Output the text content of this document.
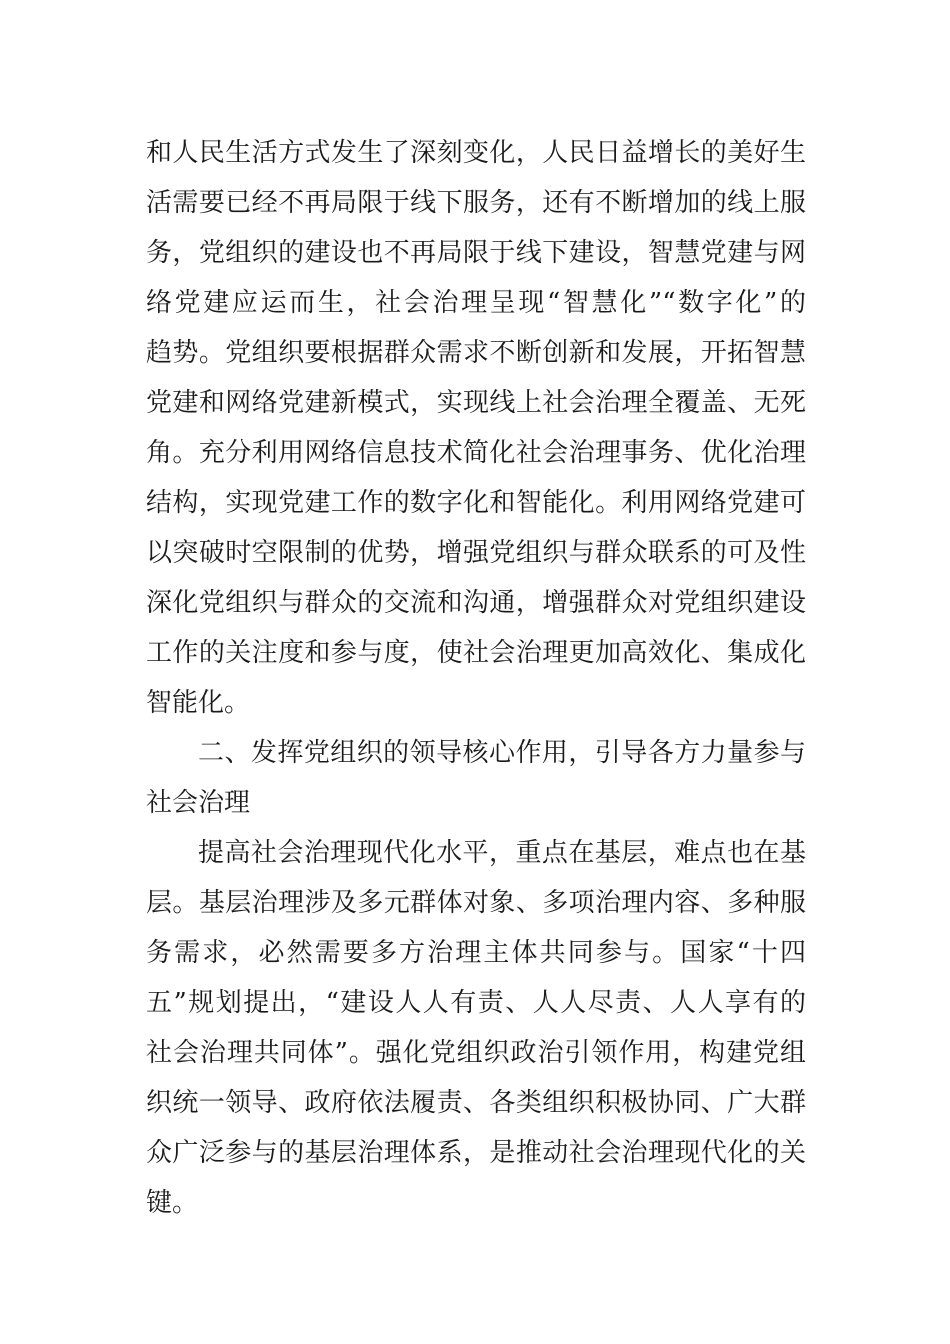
和人民生活方式发生了深刻变化，人民日益增长的美好生
活需要已经不再局限于线下服务，还有不断增加的线上服
务，党组织的建设也不再局限于线下建设，智慧党建与网
络党建应运而生，社会治理呈现“智慧化”“数字化”的
趋势。党组织要根据群众需求不断创新和发展，开拓智慧
党建和网络党建新模式，实现线上社会治理全覆盖、无死
角。充分利用网络信息技术简化社会治理事务、优化治理
结构，实现党建工作的数字化和智能化。利用网络党建可
以突破时空限制的优势，增强党组织与群众联系的可及性
深化党组织与群众的交流和沟通，增强群众对党组织建设
工作的关注度和参与度，使社会治理更加高效化、集成化
智能化。
二、发挥党组织的领导核心作用，引导各方力量参与
社会治理
提高社会治理现代化水平，重点在基层，难点也在基
层。基层治理涉及多元群体对象、多项治理内容、多种服
务需求，必然需要多方治理主体共同参与。国家“十四
五”规划提出，“建设人人有责、人人尽责、人人享有的
社会治理共同体”。强化党组织政治引领作用，构建党组
织统一领导、政府依法履责、各类组织积极协同、广大群
众广泛参与的基层治理体系，是推动社会治理现代化的关
键。
